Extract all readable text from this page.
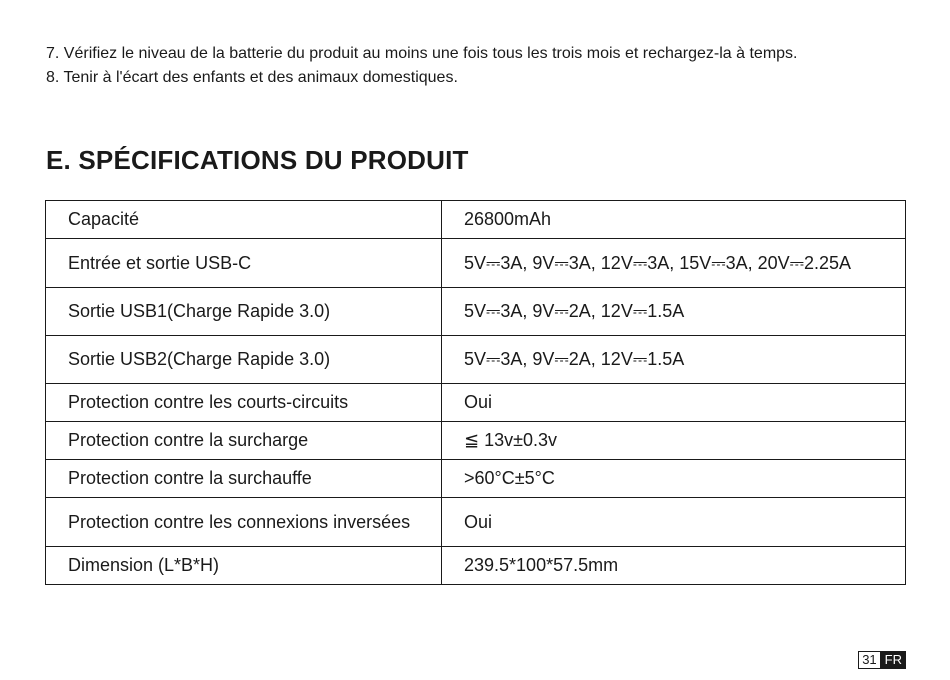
7. Vérifiez le niveau de la batterie du produit au moins une fois tous les trois mois et rechargez-la à temps.
8. Tenir à l'écart des enfants et des animaux domestiques.
E. SPÉCIFICATIONS DU PRODUIT
Capacité	26800mAh
Entrée et sortie USB-C	5V⎓3A, 9V⎓3A, 12V⎓3A, 15V⎓3A, 20V⎓2.25A
Sortie USB1(Charge Rapide 3.0)	5V⎓3A, 9V⎓2A, 12V⎓1.5A
Sortie USB2(Charge Rapide 3.0)	5V⎓3A, 9V⎓2A, 12V⎓1.5A
Protection contre les courts-circuits	Oui
Protection contre la surcharge	≦ 13v±0.3v
Protection contre la surchauffe	>60°C±5°C
Protection contre les connexions inversées	Oui
Dimension (L*B*H)	239.5*100*57.5mm
31 FR
